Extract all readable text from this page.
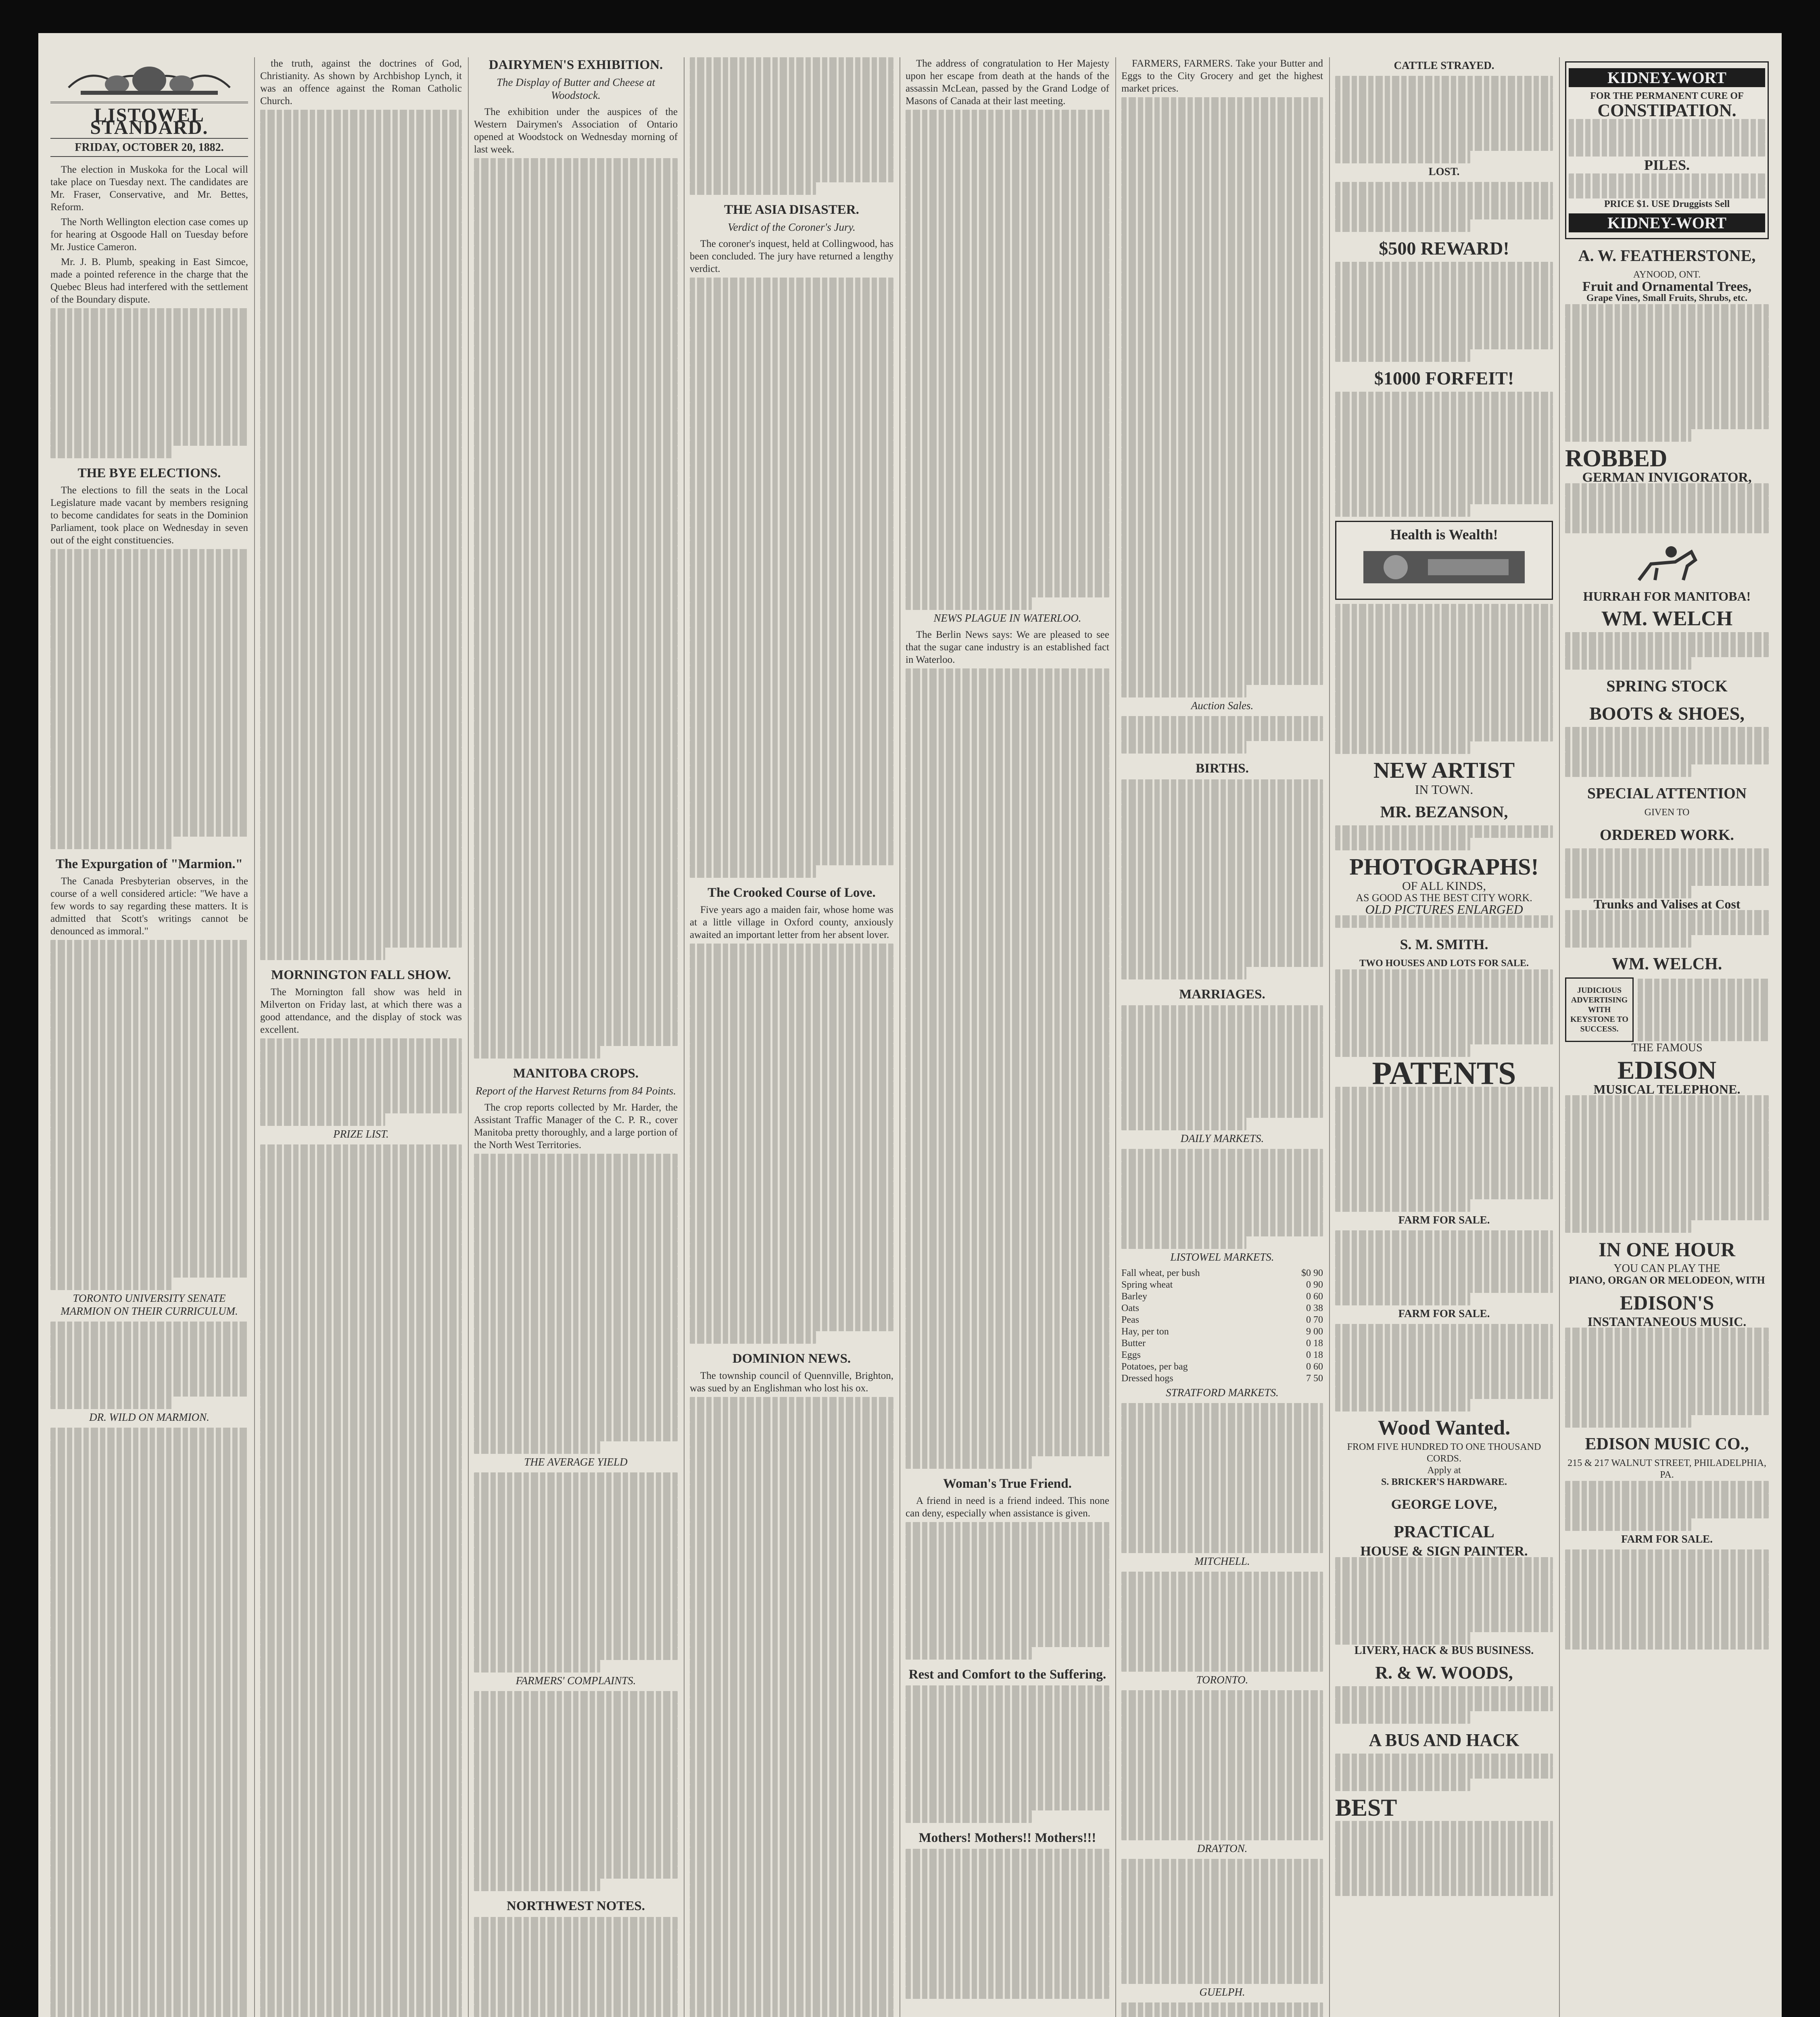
LISTOWEL STANDARD.
FRIDAY, OCTOBER 20, 1882.

The election in Muskoka for the Local will take place on Tuesday next. The candidates are Mr. Fraser, Conservative, and Mr. Bettes, Reform.

The North Wellington election case comes up for hearing at Osgoode Hall on Tuesday before Mr. Justice Cameron.

Mr. J. B. Plumb, speaking in East Simcoe, made a pointed reference in the charge that the Quebec Bleus had interfered with the settlement of the Boundary dispute.

THE BYE ELECTIONS.

The elections to fill the seats in the Local Legislature made vacant by members resigning to become candidates for seats in the Dominion Parliament, took place on Wednesday in seven out of the eight constituencies.

The Expurgation of "Marmion."

The Canada Presbyterian observes, in the course of a well considered article: "We have a few words to say regarding these matters. It is admitted that Scott's writings cannot be denounced as immoral."

TORONTO UNIVERSITY SENATE MARMION ON THEIR CURRICULUM.
DR. WILD ON MARMION.

the truth, against the doctrines of God, Christianity. As shown by Archbishop Lynch, it was an offence against the Roman Catholic Church.

MORNINGTON FALL SHOW.

The Mornington fall show was held in Milverton on Friday last, at which there was a good attendance, and the display of stock was excellent.

PRIZE LIST.
DAIRYMEN'S EXHIBITION.
The Display of Butter and Cheese at Woodstock.

The exhibition under the auspices of the Western Dairymen's Association of Ontario opened at Woodstock on Wednesday morning of last week.

MANITOBA CROPS.
Report of the Harvest Returns from 84 Points.

The crop reports collected by Mr. Harder, the Assistant Traffic Manager of the C. P. R., cover Manitoba pretty thoroughly, and a large portion of the North West Territories.

THE AVERAGE YIELD
FARMERS' COMPLAINTS.
NORTHWEST NOTES.
THE ASIA DISASTER.
Verdict of the Coroner's Jury.

The coroner's inquest, held at Collingwood, has been concluded. The jury have returned a lengthy verdict.

The Crooked Course of Love.

Five years ago a maiden fair, whose home was at a little village in Oxford county, anxiously awaited an important letter from her absent lover.

DOMINION NEWS.

The township council of Quennville, Brighton, was sued by an Englishman who lost his ox.

The address of congratulation to Her Majesty upon her escape from death at the hands of the assassin McLean, passed by the Grand Lodge of Masons of Canada at their last meeting.

NEWS PLAGUE IN WATERLOO.

The Berlin News says: We are pleased to see that the sugar cane industry is an established fact in Waterloo.

Woman's True Friend.

A friend in need is a friend indeed. This none can deny, especially when assistance is given.

Rest and Comfort to the Suffering.
Mothers! Mothers!! Mothers!!!

FARMERS, FARMERS. Take your Butter and Eggs to the City Grocery and get the highest market prices.

Auction Sales.
BIRTHS.
MARRIAGES.
DAILY MARKETS.
LISTOWEL MARKETS.
Fall wheat, per bush	$0 90
Spring wheat	0 90
Barley	0 60
Oats	0 38
Peas	0 70
Hay, per ton	9 00
Butter	0 18
Eggs	0 18
Potatoes, per bag	0 60
Dressed hogs	7 50
STRATFORD MARKETS.
MITCHELL.
TORONTO.
DRAYTON.
GUELPH.
CATTLE STRAYED.
LOST.
$500 REWARD!
$1000 FORFEIT!
Health is Wealth!
NEW ARTIST
IN TOWN.
MR. BEZANSON,
PHOTOGRAPHS!
OF ALL KINDS,
AS GOOD AS THE BEST CITY WORK.
OLD PICTURES ENLARGED
S. M. SMITH.
TWO HOUSES AND LOTS FOR SALE.
PATENTS
FARM FOR SALE.
FARM FOR SALE.
Wood Wanted.
FROM FIVE HUNDRED TO ONE THOUSAND CORDS.
Apply at
S. BRICKER'S HARDWARE.
GEORGE LOVE,
PRACTICAL
HOUSE & SIGN PAINTER.
LIVERY, HACK & BUS BUSINESS.
R. & W. WOODS,
A BUS AND HACK
BEST
KIDNEY-WORT
FOR THE PERMANENT CURE OF
CONSTIPATION.
PILES.
PRICE $1. USE Druggists Sell
KIDNEY-WORT
A. W. FEATHERSTONE,
AYNOOD, ONT.
Fruit and Ornamental Trees,
Grape Vines, Small Fruits, Shrubs, etc.
ROBBED
GERMAN INVIGORATOR,
HURRAH FOR MANITOBA!
WM. WELCH
SPRING STOCK
BOOTS & SHOES,
SPECIAL ATTENTION
GIVEN TO
ORDERED WORK.
Trunks and Valises at Cost
WM. WELCH.
JUDICIOUS ADVERTISING WITH KEYSTONE TO SUCCESS.
THE FAMOUS
EDISON
MUSICAL TELEPHONE.
IN ONE HOUR
YOU CAN PLAY THE
PIANO, ORGAN OR MELODEON, WITH
EDISON'S
INSTANTANEOUS MUSIC.
EDISON MUSIC CO.,
215 & 217 WALNUT STREET, PHILADELPHIA, PA.
FARM FOR SALE.
